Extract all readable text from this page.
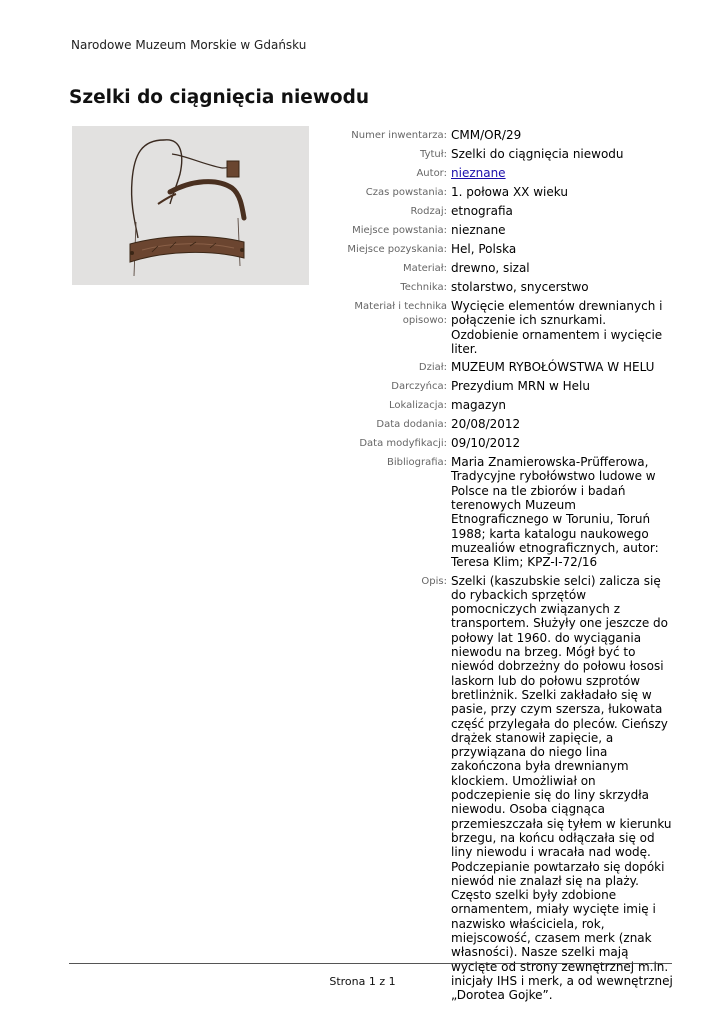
Narodowe Muzeum Morskie w Gdańsku
Szelki do ciągnięcia niewodu
Numer inwentarza: CMM/OR/29
Tytuł: Szelki do ciągnięcia niewodu
Autor: nieznane
Czas powstania: 1. połowa XX wieku
Rodzaj: etnografia
Miejsce powstania: nieznane
Miejsce pozyskania: Hel, Polska
Materiał: drewno, sizal
Technika: stolarstwo, snycerstwo
Materiał i technika opisowo:
Wycięcie elementów drewnianych i połączenie ich sznurkami. Ozdobienie ornamentem i wycięcie liter.
Dział: MUZEUM RYBOŁÓWSTWA W HELU
Darczyńca: Prezydium MRN w Helu
Lokalizacja: magazyn
Data dodania: 20/08/2012
Data modyfikacji: 09/10/2012
Bibliografia: Maria Znamierowska-Prüfferowa, Tradycyjne rybołówstwo ludowe w Polsce na tle zbiorów i badań terenowych Muzeum Etnograficznego w Toruniu, Toruń 1988; karta katalogu naukowego muzealiów etnograficznych, autor: Teresa Klim; KPZ-I-72/16
Opis: Szelki (kaszubskie selci) zalicza się do rybackich sprzętów pomocniczych związanych z transportem. Służyły one jeszcze do połowy lat 1960. do wyciągania niewodu na brzeg. Mógł być to niewód dobrzeżny do połowu łososi laskorn lub do połowu szprotów bretlinżnik. Szelki zakładało się w pasie, przy czym szersza, łukowata część przylegała do pleców. Cieńszy drążek stanowił zapięcie, a przywiązana do niego lina zakończona była drewnianym klockiem. Umożliwiał on podczepienie się do liny skrzydła niewodu. Osoba ciągnąca przemieszczała się tyłem w kierunku brzegu, na końcu odłączała się od liny niewodu i wracała nad wodę. Podczepianie powtarzało się dopóki niewód nie znalazł się na plaży. Często szelki były zdobione ornamentem, miały wycięte imię i nazwisko właściciela, rok, miejscowość, czasem merk (znak własności). Nasze szelki mają wycięte od strony zewnętrznej m.in. inicjały IHS i merk, a od wewnętrznej „Dorotea Gojke”.
Strona 1 z 1
